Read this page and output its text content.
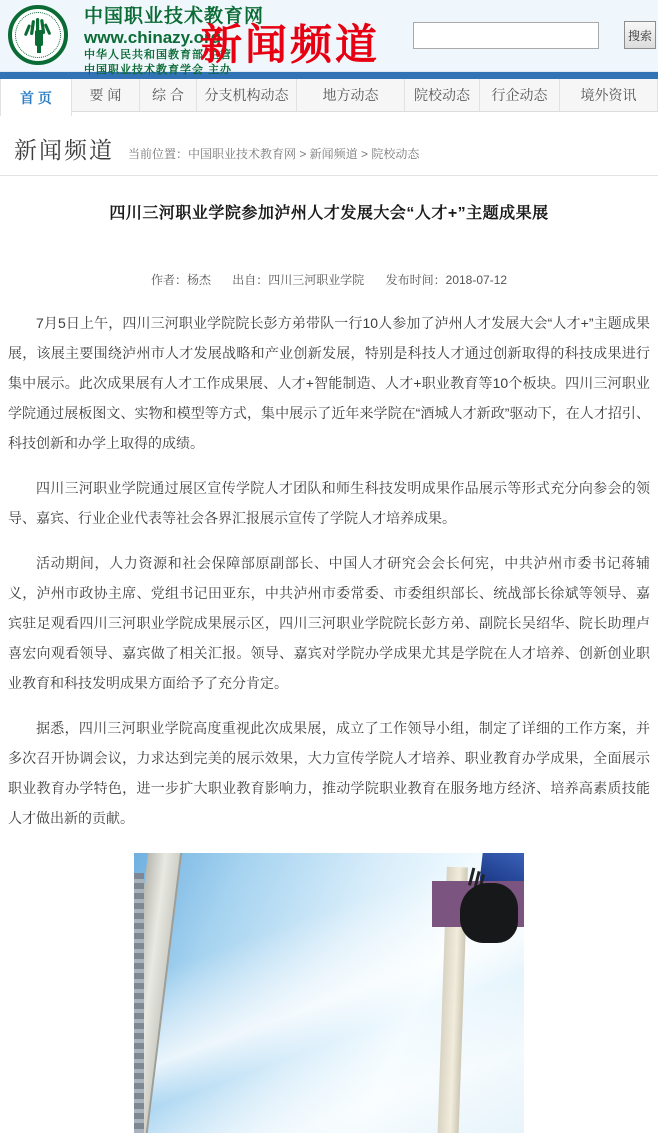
中国职业技术教育网
www.chinazy.org
中华人民共和国教育部 主管
中国职业技术教育学会 主办
新闻频道	搜索
首 页	要 闻	综 合	分支机构动态	地方动态	院校动态	行企动态	境外资讯
新闻频道 当前位置：中国职业技术教育网 > 新闻频道 > 院校动态
四川三河职业学院参加泸州人才发展大会“人才+”主题成果展
作者：杨杰 出自：四川三河职业学院 发布时间：2018-07-12

7月5日上午，四川三河职业学院院长彭方弟带队一行10人参加了泸州人才发展大会“人才+”主题成果展，该展主要围绕泸州市人才发展战略和产业创新发展，特别是科技人才通过创新取得的科技成果进行集中展示。此次成果展有人才工作成果展、人才+智能制造、人才+职业教育等10个板块。四川三河职业学院通过展板图文、实物和模型等方式，集中展示了近年来学院在“酒城人才新政”驱动下，在人才招引、科技创新和办学上取得的成绩。

四川三河职业学院通过展区宣传学院人才团队和师生科技发明成果作品展示等形式充分向参会的领导、嘉宾、行业企业代表等社会各界汇报展示宣传了学院人才培养成果。

活动期间，人力资源和社会保障部原副部长、中国人才研究会会长何宪，中共泸州市委书记蒋辅义，泸州市政协主席、党组书记田亚东，中共泸州市委常委、市委组织部长、统战部长徐斌等领导、嘉宾驻足观看四川三河职业学院成果展示区，四川三河职业学院院长彭方弟、副院长吴绍华、院长助理卢喜宏向观看领导、嘉宾做了相关汇报。领导、嘉宾对学院办学成果尤其是学院在人才培养、创新创业职业教育和科技发明成果方面给予了充分肯定。

据悉，四川三河职业学院高度重视此次成果展，成立了工作领导小组，制定了详细的工作方案，并多次召开协调会议，力求达到完美的展示效果，大力宣传学院人才培养、职业教育办学成果，全面展示职业教育办学特色，进一步扩大职业教育影响力，推动学院职业教育在服务地方经济、培养高素质技能人才做出新的贡献。
